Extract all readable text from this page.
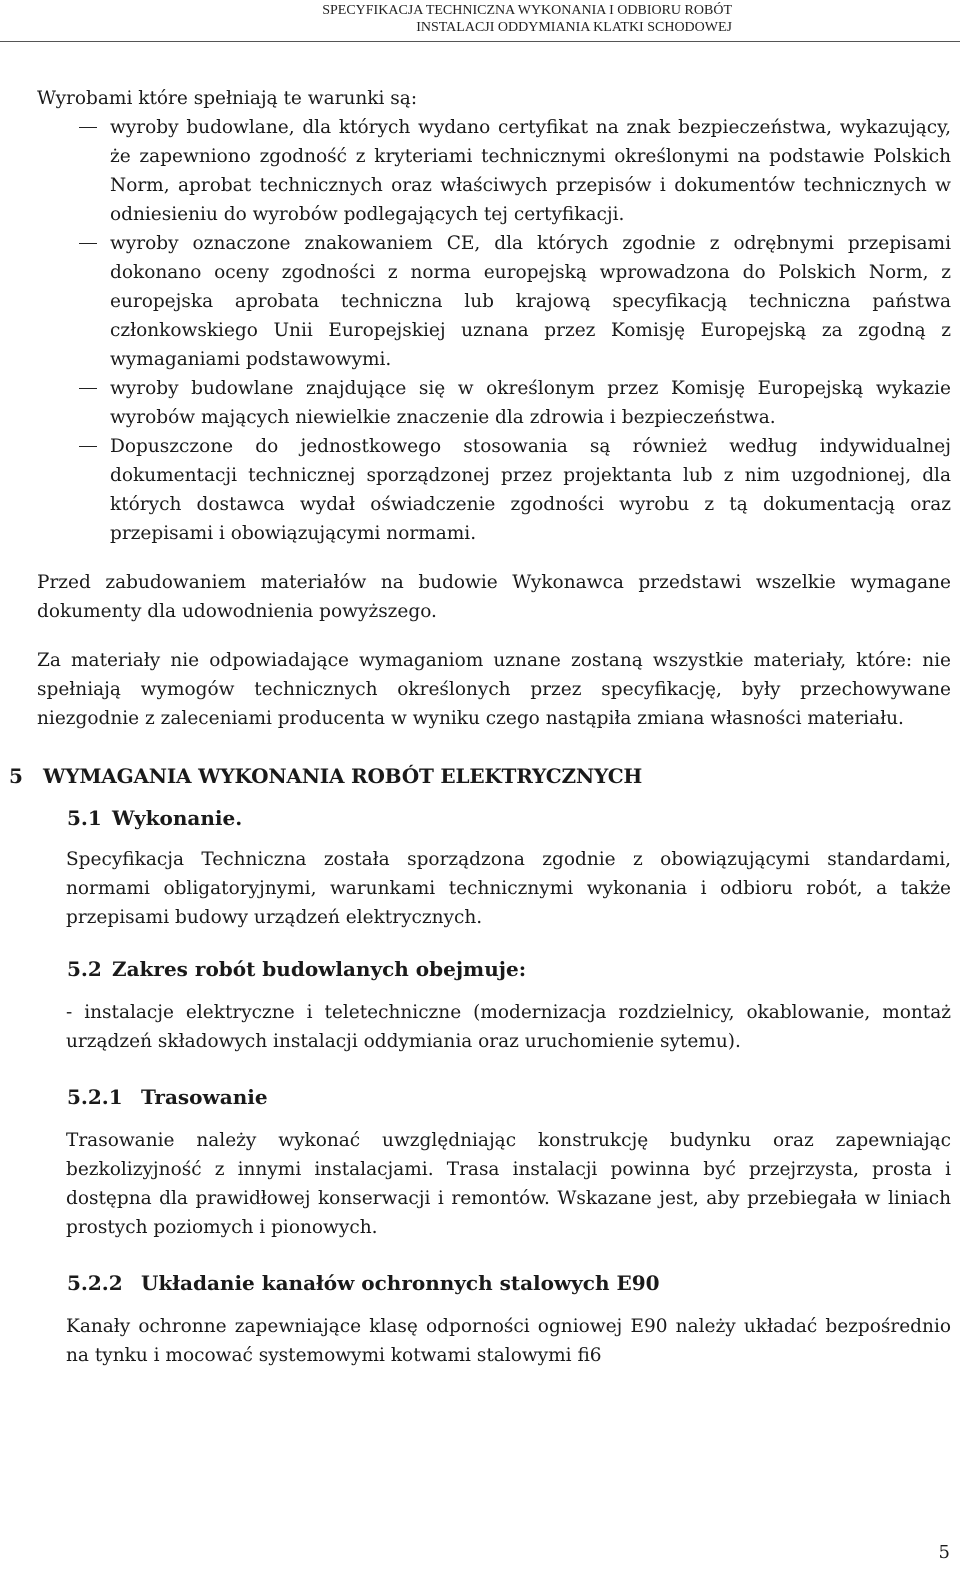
SPECYFIKACJA TECHNICZNA WYKONANIA I ODBIORU ROBÓT
INSTALACJI ODDYMIANIA KLATKI SCHODOWEJ

Wyrobami które spełniają te warunki są:

wyroby budowlane, dla których wydano certyfikat na znak bezpieczeństwa, wykazujący, że zapewniono zgodność z kryteriami technicznymi określonymi na podstawie Polskich Norm, aprobat technicznych oraz właściwych przepisów i dokumentów technicznych w odniesieniu do wyrobów podlegających tej certyfikacji.
wyroby oznaczone znakowaniem CE, dla których zgodnie z odrębnymi przepisami dokonano oceny zgodności z norma europejską wprowadzona do Polskich Norm, z europejska aprobata techniczna lub krajową specyfikacją techniczna państwa członkowskiego Unii Europejskiej uznana przez Komisję Europejską za zgodną z wymaganiami podstawowymi.
wyroby budowlane znajdujące się w określonym przez Komisję Europejską wykazie wyrobów mających niewielkie znaczenie dla zdrowia i bezpieczeństwa.
Dopuszczone do jednostkowego stosowania są również według indywidualnej dokumentacji technicznej sporządzonej przez projektanta lub z nim uzgodnionej, dla których dostawca wydał oświadczenie zgodności wyrobu z tą dokumentacją oraz przepisami i obowiązującymi normami.

Przed zabudowaniem materiałów na budowie Wykonawca przedstawi wszelkie wymagane dokumenty dla udowodnienia powyższego.

Za materiały nie odpowiadające wymaganiom uznane zostaną wszystkie materiały, które: nie spełniają wymogów technicznych określonych przez specyfikację, były przechowywane niezgodnie z zaleceniami producenta w wyniku czego nastąpiła zmiana własności materiału.

5 WYMAGANIA WYKONANIA ROBÓT ELEKTRYCZNYCH
5.1 Wykonanie.

Specyfikacja Techniczna została sporządzona zgodnie z obowiązującymi standardami, normami obligatoryjnymi, warunkami technicznymi wykonania i odbioru robót, a także przepisami budowy urządzeń elektrycznych.

5.2 Zakres robót budowlanych obejmuje:

- instalacje elektryczne i teletechniczne (modernizacja rozdzielnicy, okablowanie, montaż urządzeń składowych instalacji oddymiania oraz uruchomienie sytemu).

5.2.1 Trasowanie

Trasowanie należy wykonać uwzględniając konstrukcję budynku oraz zapewniając bezkolizyjność z innymi instalacjami. Trasa instalacji powinna być przejrzysta, prosta i dostępna dla prawidłowej konserwacji i remontów. Wskazane jest, aby przebiegała w liniach prostych poziomych i pionowych.

5.2.2 Układanie kanałów ochronnych stalowych E90

Kanały ochronne zapewniające klasę odporności ogniowej E90 należy układać bezpośrednio na tynku i mocować systemowymi kotwami stalowymi fi6

5
